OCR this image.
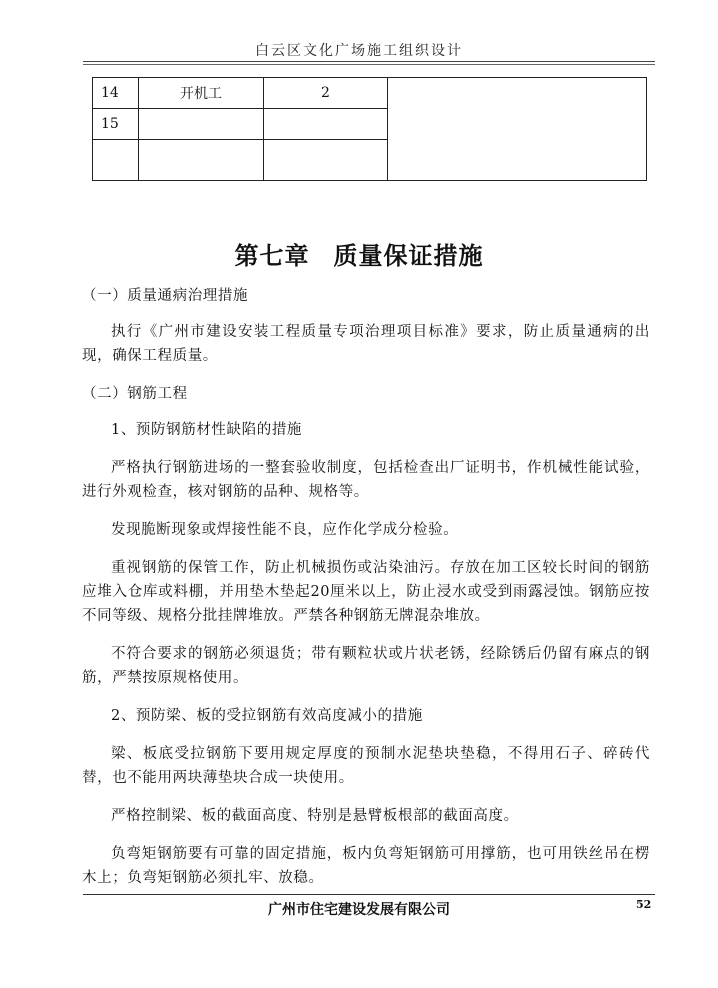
白云区文化广场施工组织设计
14	开机工	2	
15			

第七章 质量保证措施

（一）质量通病治理措施

执行《广州市建设安装工程质量专项治理项目标准》要求，防止质量通病的出现，确保工程质量。

（二）钢筋工程

1、预防钢筋材性缺陷的措施

严格执行钢筋进场的一整套验收制度，包括检查出厂证明书，作机械性能试验，进行外观检查，核对钢筋的品种、规格等。

发现脆断现象或焊接性能不良，应作化学成分检验。

重视钢筋的保管工作，防止机械损伤或沾染油污。存放在加工区较长时间的钢筋应堆入仓库或料棚，并用垫木垫起20厘米以上，防止浸水或受到雨露浸蚀。钢筋应按不同等级、规格分批挂牌堆放。严禁各种钢筋无牌混杂堆放。

不符合要求的钢筋必须退货；带有颗粒状或片状老锈，经除锈后仍留有麻点的钢筋，严禁按原规格使用。

2、预防梁、板的受拉钢筋有效高度减小的措施

梁、板底受拉钢筋下要用规定厚度的预制水泥垫块垫稳，不得用石子、碎砖代替，也不能用两块薄垫块合成一块使用。

严格控制梁、板的截面高度、特别是悬臂板根部的截面高度。

负弯矩钢筋要有可靠的固定措施，板内负弯矩钢筋可用撑筋，也可用铁丝吊在楞木上；负弯矩钢筋必须扎牢、放稳。

广州市住宅建设发展有限公司	52
